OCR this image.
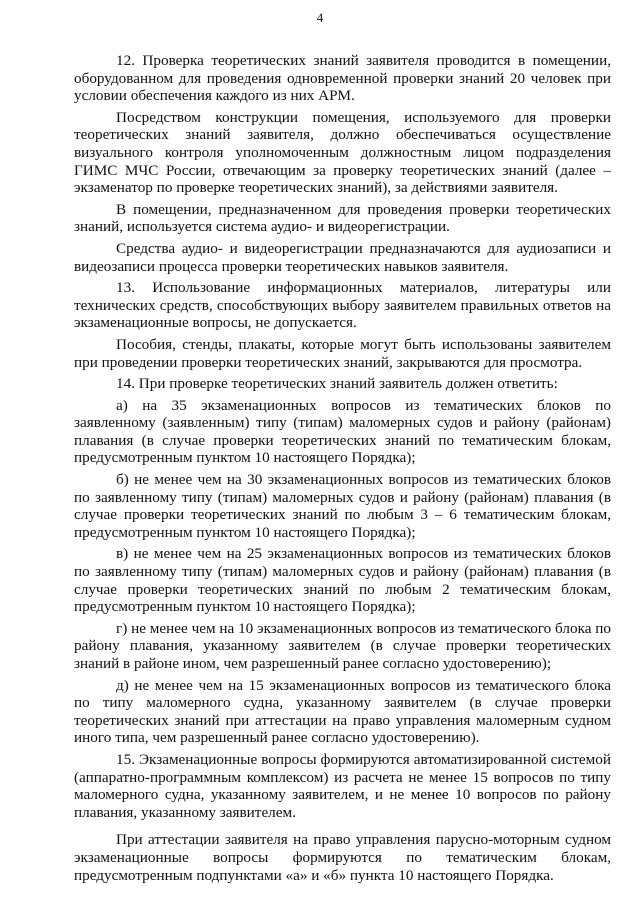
4

12. Проверка теоретических знаний заявителя проводится в помещении, оборудованном для проведения одновременной проверки знаний 20 человек при условии обеспечения каждого из них АРМ.

Посредством конструкции помещения, используемого для проверки теоретических знаний заявителя, должно обеспечиваться осуществление визуального контроля уполномоченным должностным лицом подразделения ГИМС МЧС России, отвечающим за проверку теоретических знаний (далее – экзаменатор по проверке теоретических знаний), за действиями заявителя.

В помещении, предназначенном для проведения проверки теоретических знаний, используется система аудио- и видеорегистрации.

Средства аудио- и видеорегистрации предназначаются для аудиозаписи и видеозаписи процесса проверки теоретических навыков заявителя.

13. Использование информационных материалов, литературы или технических средств, способствующих выбору заявителем правильных ответов на экзаменационные вопросы, не допускается.

Пособия, стенды, плакаты, которые могут быть использованы заявителем при проведении проверки теоретических знаний, закрываются для просмотра.

14. При проверке теоретических знаний заявитель должен ответить:

а) на 35 экзаменационных вопросов из тематических блоков по заявленному (заявленным) типу (типам) маломерных судов и району (районам) плавания (в случае проверки теоретических знаний по тематическим блокам, предусмотренным пунктом 10 настоящего Порядка);

б) не менее чем на 30 экзаменационных вопросов из тематических блоков по заявленному типу (типам) маломерных судов и району (районам) плавания (в случае проверки теоретических знаний по любым 3 – 6 тематическим блокам, предусмотренным пунктом 10 настоящего Порядка);

в) не менее чем на 25 экзаменационных вопросов из тематических блоков по заявленному типу (типам) маломерных судов и району (районам) плавания (в случае проверки теоретических знаний по любым 2 тематическим блокам, предусмотренным пунктом 10 настоящего Порядка);

г) не менее чем на 10 экзаменационных вопросов из тематического блока по району плавания, указанному заявителем (в случае проверки теоретических знаний в районе ином, чем разрешенный ранее согласно удостоверению);

д) не менее чем на 15 экзаменационных вопросов из тематического блока по типу маломерного судна, указанному заявителем (в случае проверки теоретических знаний при аттестации на право управления маломерным судном иного типа, чем разрешенный ранее согласно удостоверению).

15. Экзаменационные вопросы формируются автоматизированной системой (аппаратно-программным комплексом) из расчета не менее 15 вопросов по типу маломерного судна, указанному заявителем, и не менее 10 вопросов по району плавания, указанному заявителем.

При аттестации заявителя на право управления парусно-моторным судном экзаменационные вопросы формируются по тематическим блокам, предусмотренным подпунктами «а» и «б» пункта 10 настоящего Порядка.
